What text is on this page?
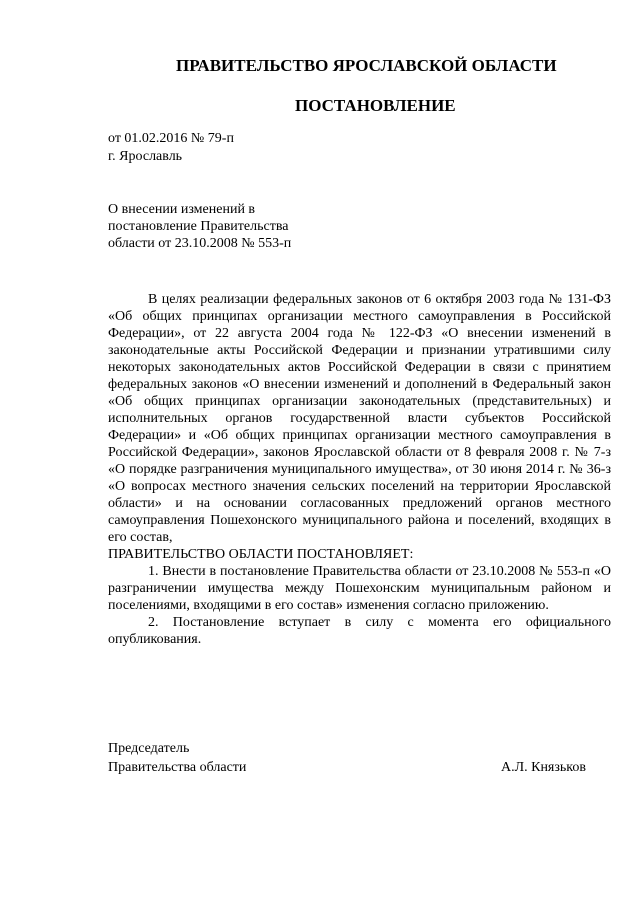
ПРАВИТЕЛЬСТВО ЯРОСЛАВСКОЙ ОБЛАСТИ
ПОСТАНОВЛЕНИЕ
от 01.02.2016 № 79-п
г. Ярославль
О внесении изменений в
постановление Правительства
области от 23.10.2008 № 553-п

В целях реализации федеральных законов от 6 октября 2003 года № 131-ФЗ «Об общих принципах организации местного самоуправления в Российской Федерации», от 22 августа 2004 года № 122-ФЗ «О внесении изменений в законодательные акты Российской Федерации и признании утратившими силу некоторых законодательных актов Российской Федерации в связи с принятием федеральных законов «О внесении изменений и дополнений в Федеральный закон «Об общих принципах организации законодательных (представительных) и исполнительных органов государственной власти субъектов Российской Федерации» и «Об общих принципах организации местного самоуправления в Российской Федерации», законов Ярославской области от 8 февраля 2008 г. № 7-з «О порядке разграничения муниципального имущества», от 30 июня 2014 г. № 36-з «О вопросах местного значения сельских поселений на территории Ярославской области» и на основании согласованных предложений органов местного самоуправления Пошехонского муниципального района и поселений, входящих в его состав,

ПРАВИТЕЛЬСТВО ОБЛАСТИ ПОСТАНОВЛЯЕТ:

1. Внести в постановление Правительства области от 23.10.2008 № 553-п «О разграничении имущества между Пошехонским муниципальным районом и поселениями, входящими в его состав» изменения согласно приложению.

2. Постановление вступает в силу с момента его официального опубликования.

Председатель
Правительства области	А.Л. Князьков
